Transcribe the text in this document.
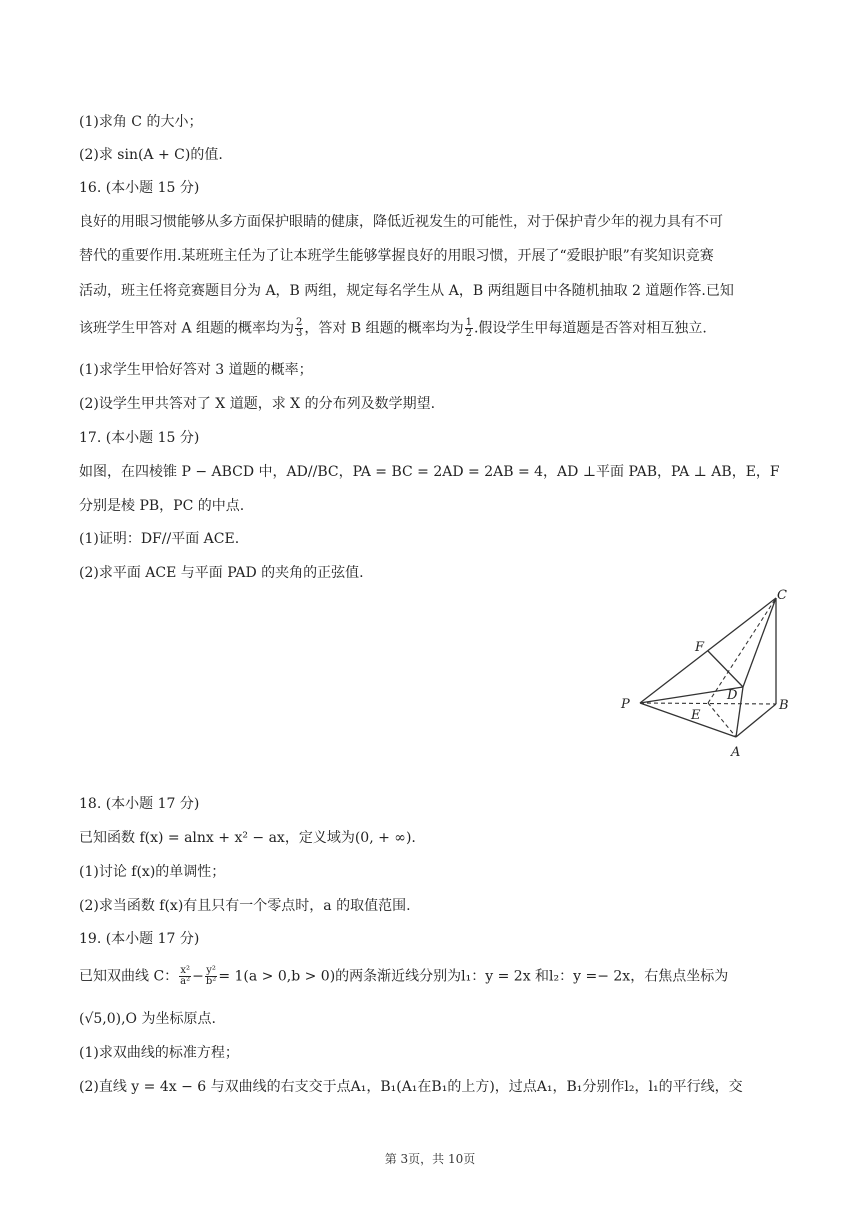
(1)求角 C 的大小；
(2)求 sin(A + C)的值.
16. (本小题 15 分)
良好的用眼习惯能够从多方面保护眼睛的健康，降低近视发生的可能性，对于保护青少年的视力具有不可
替代的重要作用.某班班主任为了让本班学生能够掌握良好的用眼习惯，开展了“爱眼护眼”有奖知识竞赛
活动，班主任将竞赛题目分为 A，B 两组，规定每名学生从 A，B 两组题目中各随机抽取 2 道题作答.已知
该班学生甲答对 A 组题的概率均为 $\frac{2}{3}$ ，答对 B 组题的概率均为 $\frac{1}{2}$ .假设学生甲每道题是否答对相互独立.
(1)求学生甲恰好答对 3 道题的概率；
(2)设学生甲共答对了 X 道题，求 X 的分布列及数学期望.
17. (本小题 15 分)
如图，在四棱锥 P − ABCD 中，AD//BC，PA = BC = 2AD = 2AB = 4，AD ⊥平面 PAB，PA ⊥ AB，E，F
分别是棱 PB，PC 的中点.
(1)证明：DF//平面 ACE.
(2)求平面 ACE 与平面 PAD 的夹角的正弦值.
P
A
B
C
D
E
F
18. (本小题 17 分)
已知函数 f(x) = alnx + x² − ax，定义域为(0, + ∞).
(1)讨论 f(x)的单调性；
(2)求当函数 f(x)有且只有一个零点时，a 的取值范围.
19. (本小题 17 分)
已知双曲线 C： $\frac{\text{x²}}{\text{a²}} - \frac{\text{y²}}{\text{b²}} = 1(a > 0,b > 0)$的两条渐近线分别为l₁：y = 2x 和l₂：y =− 2x，右焦点坐标为
(√5,0),O 为坐标原点.
(1)求双曲线的标准方程；
(2)直线 y = 4x − 6 与双曲线的右支交于点A₁，B₁(A₁在B₁的上方)，过点A₁，B₁分别作l₂，l₁的平行线，交
第 3页，共 10页
